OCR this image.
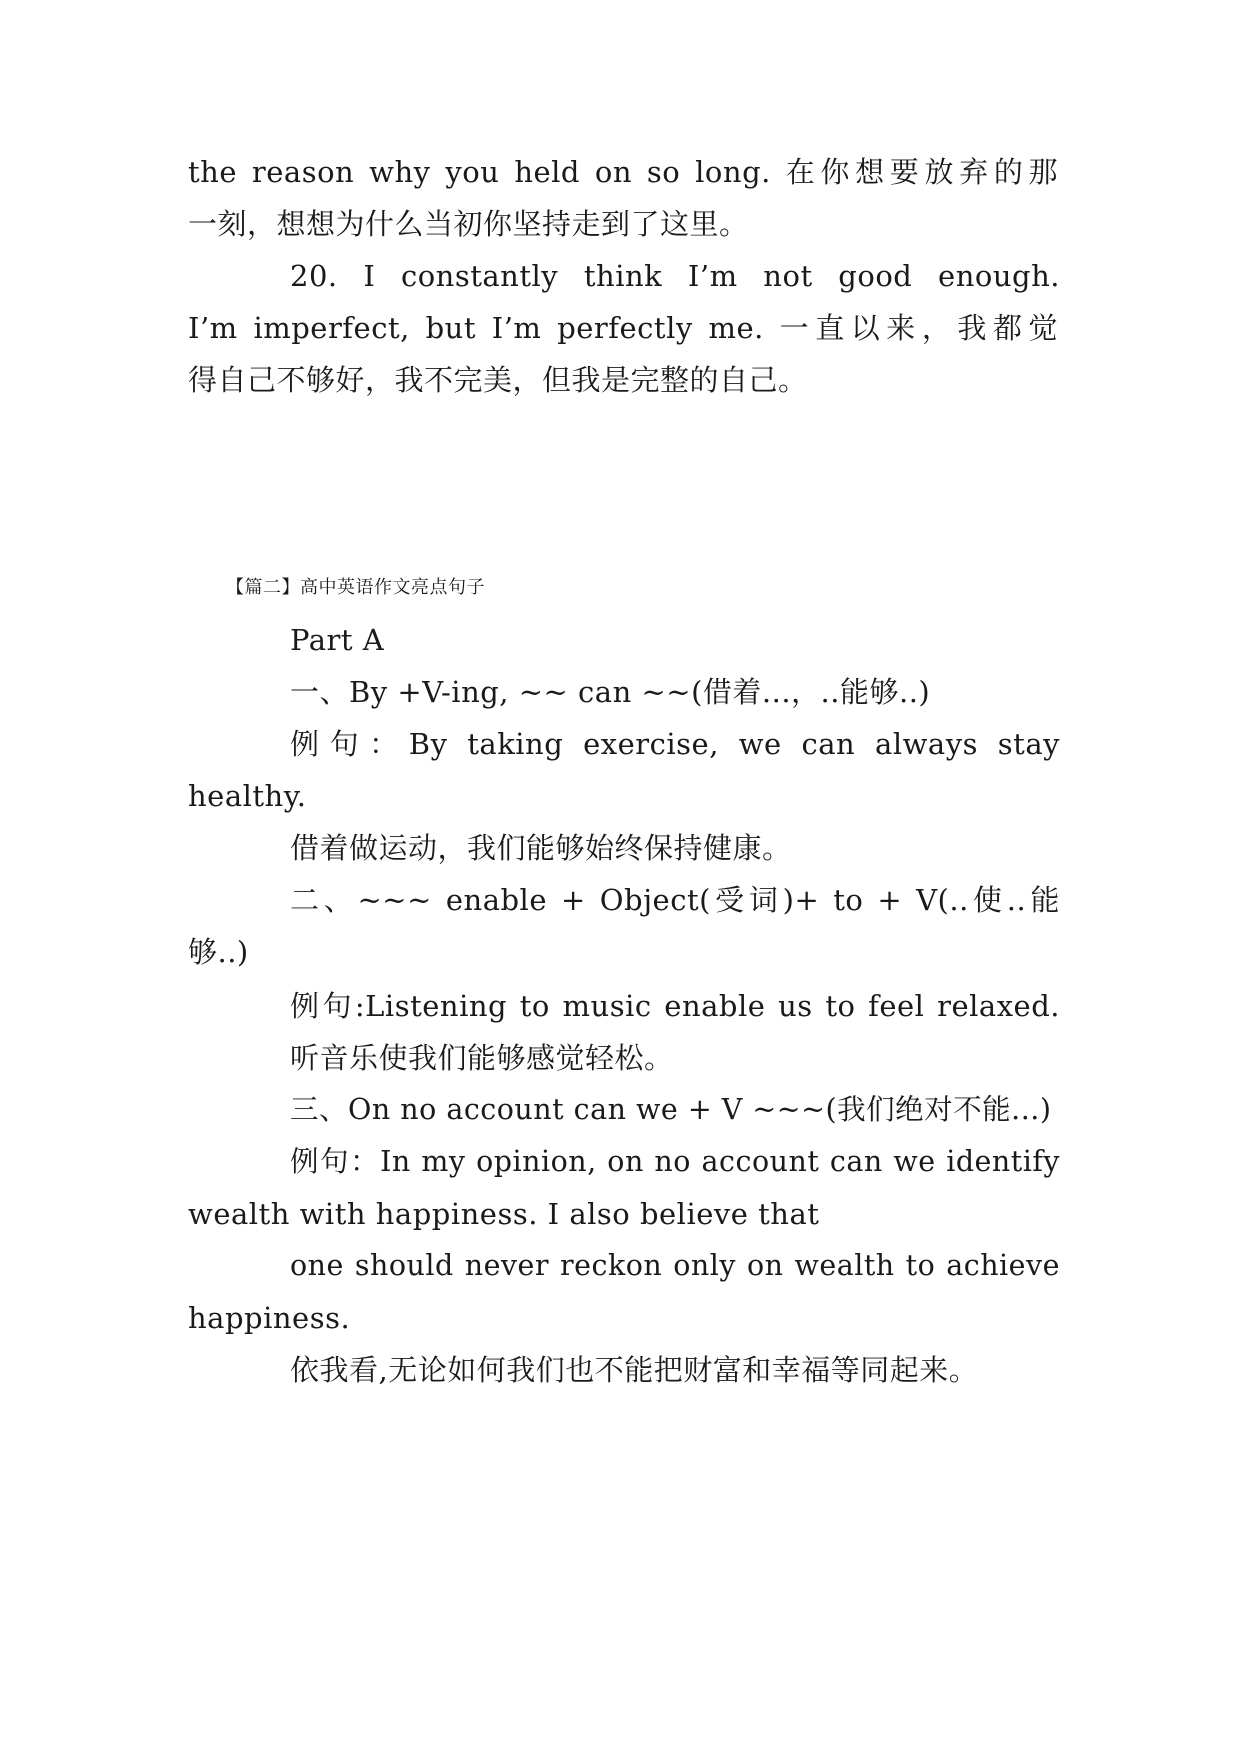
the reason why you held on so long. 在你想要放弃的那
一刻，想想为什么当初你坚持走到了这里。
20. I constantly think I’m not good enough.
I’m imperfect, but I’m perfectly me. 一直以来，我都觉
得自己不够好，我不完美，但我是完整的自己。
【篇二】高中英语作文亮点句子
Part A
一、By +V-ing, ~~ can ~~(借着...，..能够..)
例句：By taking exercise, we can always stay
healthy.
借着做运动，我们能够始终保持健康。
二、~~~ enable + Object(受词)+ to + V(..使..能
够..)
例句:Listening to music enable us to feel relaxed.
听音乐使我们能够感觉轻松。
三、On no account can we + V ~~~(我们绝对不能...)
例句：In my opinion, on no account can we identify
wealth with happiness. I also believe that
one should never reckon only on wealth to achieve
happiness.
依我看,无论如何我们也不能把财富和幸福等同起来。
